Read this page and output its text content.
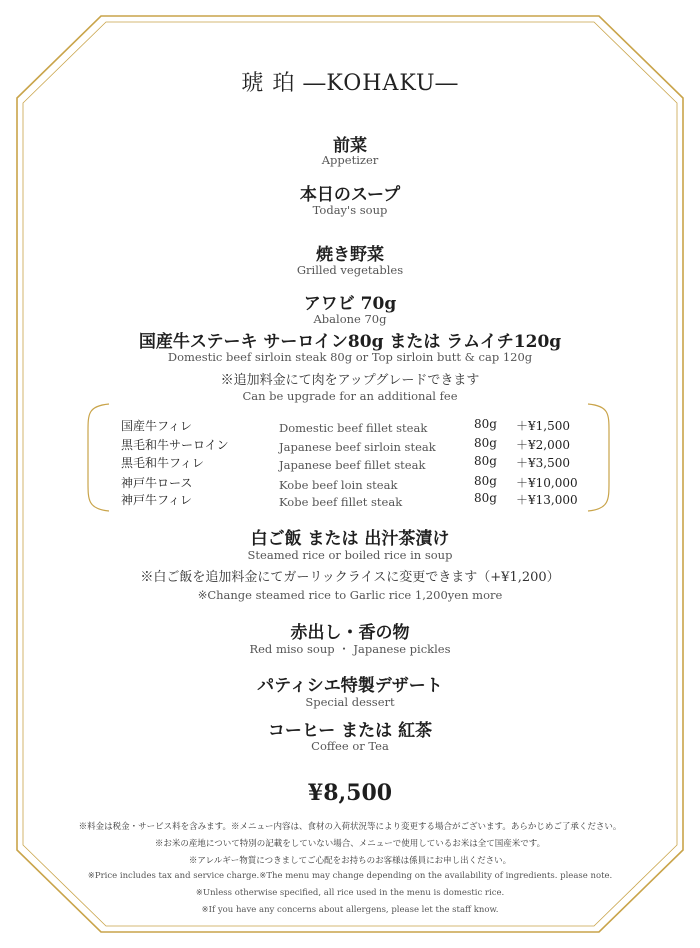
琥 珀 ―KOHAKU―
前菜
Appetizer
本日のスープ
Today's soup
焼き野菜
Grilled vegetables
アワビ 70g
Abalone 70g
国産牛ステーキ サーロイン80g または ラムイチ120g
Domestic beef sirloin steak 80g or Top sirloin butt & cap 120g
※追加料金にて肉をアップグレードできます
Can be upgrade for an additional fee
国産牛フィレ	Domestic beef fillet steak	80g ＋¥1,500
黒毛和牛サーロイン	Japanese beef sirloin steak	80g ＋¥2,000
黒毛和牛フィレ	Japanese beef fillet steak	80g ＋¥3,500
神戸牛ロース	Kobe beef loin steak	80g ＋¥10,000
神戸牛フィレ	Kobe beef fillet steak	80g ＋¥13,000
白ご飯 または 出汁茶漬け
Steamed rice or boiled rice in soup
※白ご飯を追加料金にてガーリックライスに変更できます（+¥1,200）
※Change steamed rice to Garlic rice 1,200yen more
赤出し・香の物
Red miso soup ・ Japanese pickles
パティシエ特製デザート
Special dessert
コーヒー または 紅茶
Coffee or Tea
¥8,500
※料金は税金・サービス料を含みます。※メニュー内容は、食材の入荷状況等により変更する場合がございます。あらかじめご了承ください。
※お米の産地について特別の記載をしていない場合、メニューで使用しているお米は全て国産米です。
※アレルギー物質につきましてご心配をお持ちのお客様は係員にお申し出ください。
※Price includes tax and service charge.※The menu may change depending on the availability of ingredients. please note.
※Unless otherwise specified, all rice used in the menu is domestic rice.
※If you have any concerns about allergens, please let the staff know.
